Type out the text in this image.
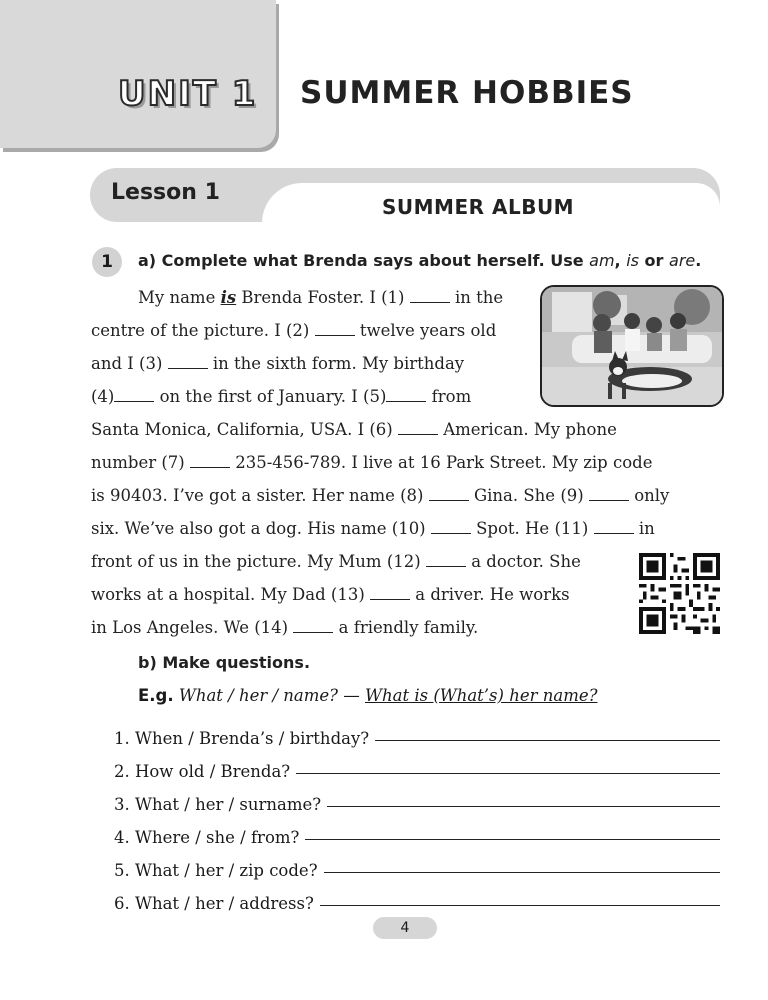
UNIT 1 SUMMER HOBBIES
Lesson 1
SUMMER ALBUM
1	a) Complete what Brenda says about herself. Use am, is or are.
My name is Brenda Foster. I (1)	in the
centre of the picture. I (2)	twelve years old
and I (3)	in the sixth form. My birthday
(4)	on the first of January. I (5)	from
Santa Monica, California, USA. I (6)	American. My phone
number (7)	235-456-789. I live at 16 Park Street. My zip code
is 90403. I’ve got a sister. Her name (8)	Gina. She (9)	only
six. We’ve also got a dog. His name (10)	Spot. He (11)	in
front of us in the picture. My Mum (12)	a doctor. She
works at a hospital. My Dad (13)	a driver. He works
in Los Angeles. We (14)	a friendly family.
b) Make questions.
E.g. What / her / name? — What is (What’s) her name?
1. When / Brenda’s / birthday?
2. How old / Brenda?
3. What / her / surname?
4. Where / she / from?
5. What / her / zip code?
6. What / her / address?
4
